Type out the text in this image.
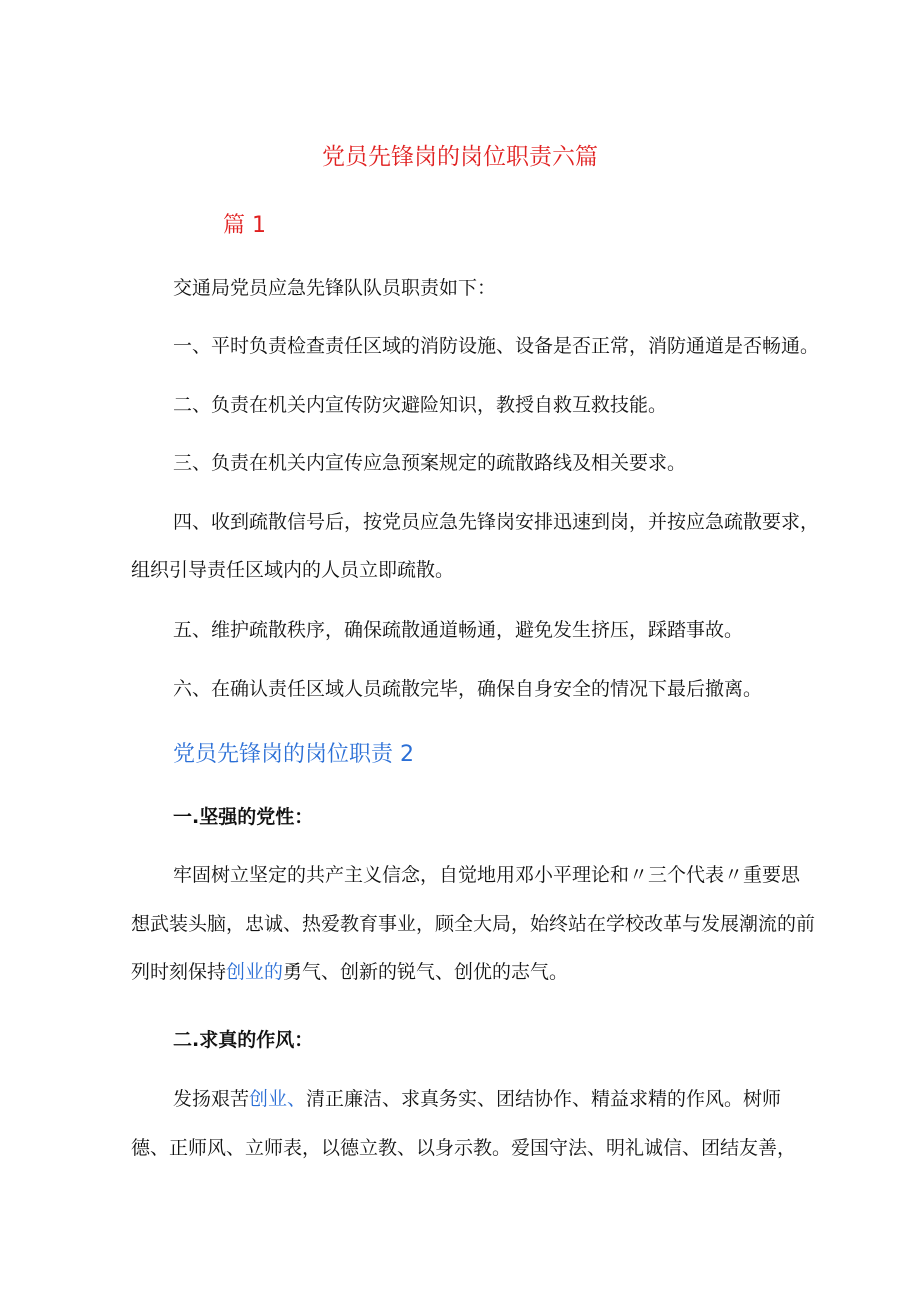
党员先锋岗的岗位职责六篇
篇 1
交通局党员应急先锋队队员职责如下：
一、平时负责检查责任区域的消防设施、设备是否正常，消防通道是否畅通。
二、负责在机关内宣传防灾避险知识，教授自救互救技能。
三、负责在机关内宣传应急预案规定的疏散路线及相关要求。
四、收到疏散信号后，按党员应急先锋岗安排迅速到岗，并按应急疏散要求，
组织引导责任区域内的人员立即疏散。
五、维护疏散秩序，确保疏散通道畅通，避免发生挤压，踩踏事故。
六、在确认责任区域人员疏散完毕，确保自身安全的情况下最后撤离。
党员先锋岗的岗位职责 2
一.坚强的党性：
牢固树立坚定的共产主义信念，自觉地用邓小平理论和〃三个代表〃重要思
想武装头脑，忠诚、热爱教育事业，顾全大局，始终站在学校改革与发展潮流的前
列时刻保持创业的勇气、创新的锐气、创优的志气。
二.求真的作风：
发扬艰苦创业、清正廉洁、求真务实、团结协作、精益求精的作风。树师
德、正师风、立师表，以德立教、以身示教。爱国守法、明礼诚信、团结友善，
